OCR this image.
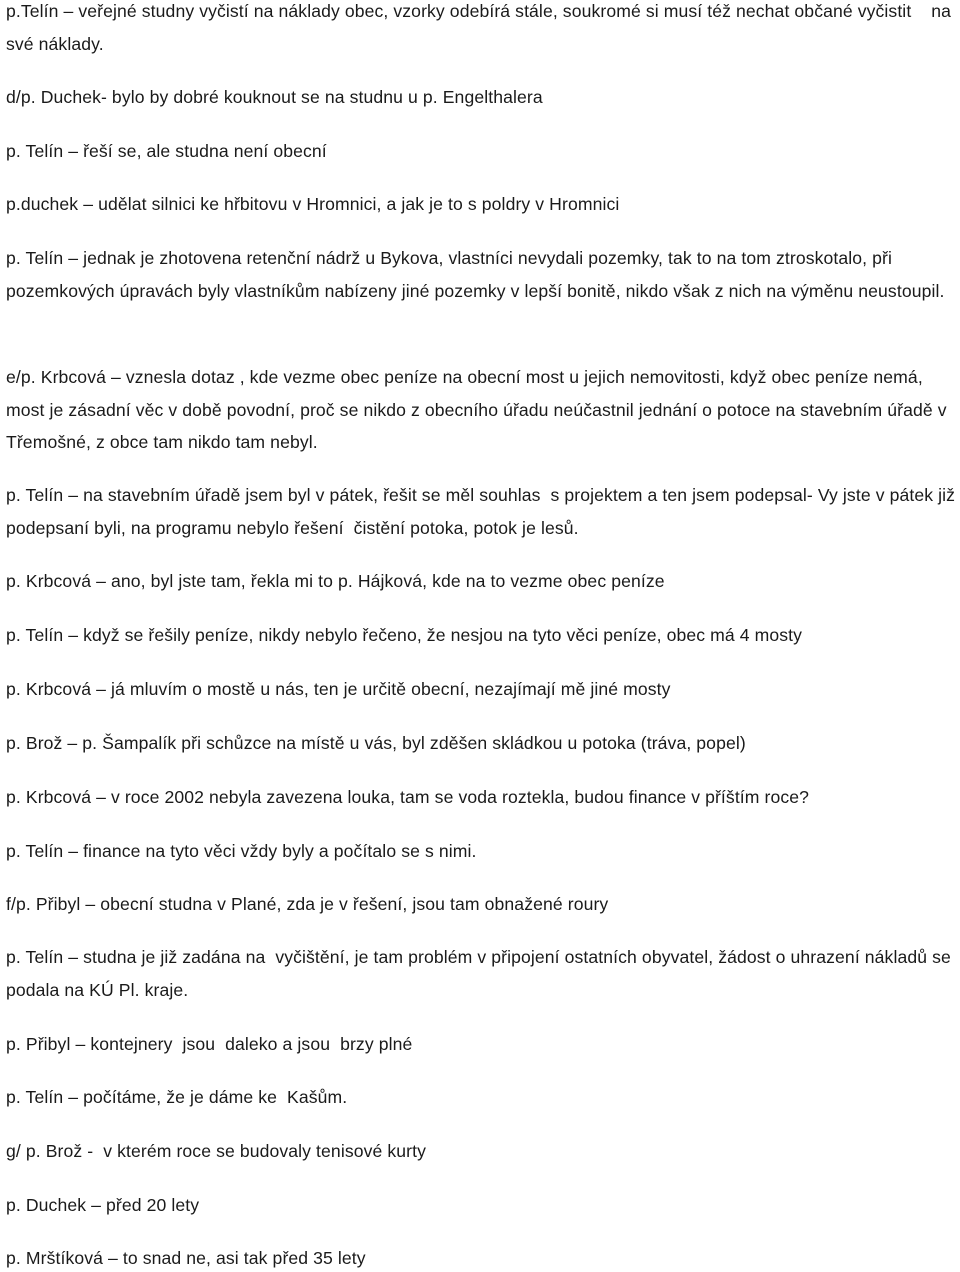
p.Telín – veřejné studny vyčistí na náklady obec, vzorky odebírá stále, soukromé si musí též nechat občané vyčistit    na své náklady.

d/p. Duchek- bylo by dobré kouknout se na studnu u p. Engelthalera

p. Telín – řeší se, ale studna není obecní

p.duchek – udělat silnici ke hřbitovu v Hromnici, a jak je to s poldry v Hromnici

p. Telín – jednak je zhotovena retenční nádrž u Bykova, vlastníci nevydali pozemky, tak to na tom ztroskotalo, při pozemkových úpravách byly vlastníkům nabízeny jiné pozemky v lepší bonitě, nikdo však z nich na výměnu neustoupil.

e/p. Krbcová – vznesla dotaz , kde vezme obec peníze na obecní most u jejich nemovitosti, když obec peníze nemá, most je zásadní věc v době povodní, proč se nikdo z obecního úřadu neúčastnil jednání o potoce na stavebním úřadě v Třemošné, z obce tam nikdo tam nebyl.

p. Telín – na stavebním úřadě jsem byl v pátek, řešit se měl souhlas  s projektem a ten jsem podepsal- Vy jste v pátek již podepsaní byli, na programu nebylo řešení  čistění potoka, potok je lesů.

p. Krbcová – ano, byl jste tam, řekla mi to p. Hájková, kde na to vezme obec peníze

p. Telín – když se řešily peníze, nikdy nebylo řečeno, že nesjou na tyto věci peníze, obec má 4 mosty

p. Krbcová – já mluvím o mostě u nás, ten je určitě obecní, nezajímají mě jiné mosty

p. Brož – p. Šampalík při schůzce na místě u vás, byl zděšen skládkou u potoka (tráva, popel)

p. Krbcová – v roce 2002 nebyla zavezena louka, tam se voda roztekla, budou finance v příštím roce?

p. Telín – finance na tyto věci vždy byly a počítalo se s nimi.

f/p. Přibyl – obecní studna v Plané, zda je v řešení, jsou tam obnažené roury

p. Telín – studna je již zadána na  vyčištění, je tam problém v připojení ostatních obyvatel, žádost o uhrazení nákladů se podala na KÚ Pl. kraje.

p. Přibyl – kontejnery  jsou  daleko a jsou  brzy plné

p. Telín – počítáme, že je dáme ke  Kašům.

g/ p. Brož -  v kterém roce se budovaly tenisové kurty

p. Duchek – před 20 lety

p. Mrštíková – to snad ne, asi tak před 35 lety
